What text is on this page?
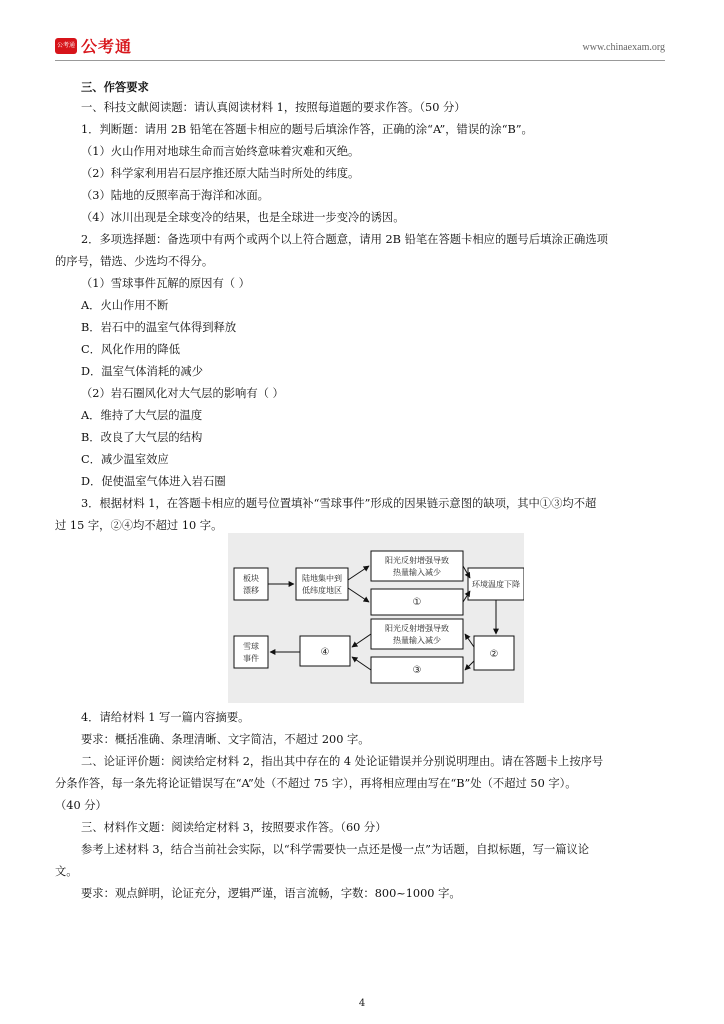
公考通 公考通	www.chinaexam.org
三、作答要求
一、科技文献阅读题：请认真阅读材料 1，按照每道题的要求作答。（50 分）
1．判断题：请用 2B 铅笔在答题卡相应的题号后填涂作答，正确的涂“A”，错误的涂“B”。
（1）火山作用对地球生命而言始终意味着灾难和灭绝。
（2）科学家利用岩石层序推还原大陆当时所处的纬度。
（3）陆地的反照率高于海洋和冰面。
（4）冰川出现是全球变冷的结果，也是全球进一步变冷的诱因。
2．多项选择题：备选项中有两个或两个以上符合题意，请用 2B 铅笔在答题卡相应的题号后填涂正确选项
的序号，错选、少选均不得分。
（1）雪球事件瓦解的原因有（ ）
A．火山作用不断
B．岩石中的温室气体得到释放
C．风化作用的降低
D．温室气体消耗的减少
（2）岩石圈风化对大气层的影响有（ ）
A．维持了大气层的温度
B．改良了大气层的结构
C．减少温室效应
D．促使温室气体进入岩石圈
3．根据材料 1，在答题卡相应的题号位置填补“雪球事件”形成的因果链示意图的缺项，其中①③均不超
过 15 字，②④均不超过 10 字。
4．请给材料 1 写一篇内容摘要。
要求：概括准确、条理清晰、文字简洁，不超过 200 字。
二、论证评价题：阅读给定材料 2，指出其中存在的 4 处论证错误并分别说明理由。请在答题卡上按序号
分条作答，每一条先将论证错误写在“A”处（不超过 75 字），再将相应理由写在“B”处（不超过 50 字）。
（40 分）
三、材料作文题：阅读给定材料 3，按照要求作答。（60 分）
参考上述材料 3，结合当前社会实际，以“科学需要快一点还是慢一点”为话题，自拟标题，写一篇议论
文。
要求：观点鲜明，论证充分，逻辑严谨，语言流畅，字数：800~1000 字。
板块
漂移
陆地集中到
低纬度地区
阳光反射增强导致
热量输入减少
①
环境温度下降
阳光反射增强导致
热量输入减少
③
④	②
雪球
事件
4
